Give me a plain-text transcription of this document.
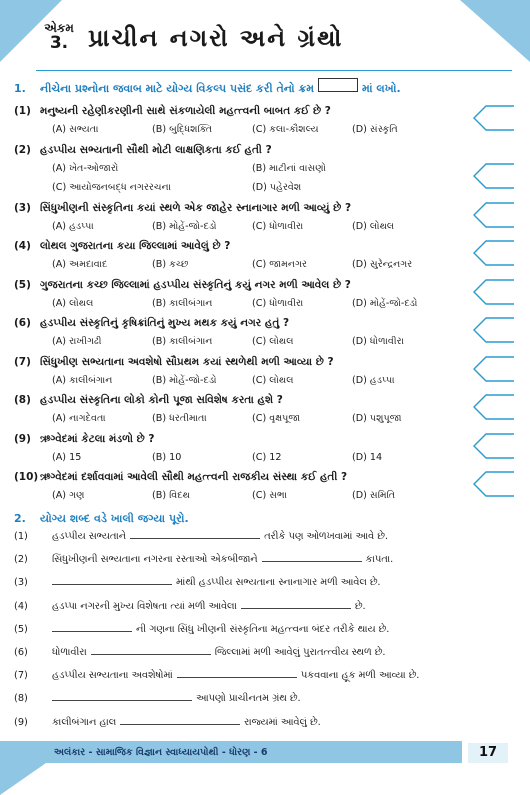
એકમ
3. પ્રાચીન નગરો અને ગ્રંથો
1.	નીચેના પ્રશ્નોના જવાબ માટે યોગ્ય વિકલ્પ પસંદ કરી તેનો ક્રમ	માં લખો.
(1) મનુષ્યની રહેણીકરણીની સાથે સંકળાયેલી મહત્ત્વની બાબત કઈ છે ?
(A) સભ્યતા	(B) બુદ્ધિશક્તિ	(C) કલા-કૌશલ્ય	(D) સંસ્કૃતિ
(2) હડપ્પીય સભ્યતાની સૌથી મોટી લાક્ષણિકતા કઈ હતી ?
(A) ખેત-ઓજારો	(B) માટીનાં વાસણો
(C) આયોજનબદ્ધ નગરરચના	(D) પહેરવેશ
(3) સિંધુખીણની સંસ્કૃતિના કયાં સ્થળે એક જાહેર સ્નાનાગાર મળી આવ્યું છે ?
(A) હડપ્પા	(B) મોહેં-જો-દડો	(C) ધોળાવીરા	(D) લોથલ
(4) લોથલ ગુજરાતના કયા જિલ્લામાં આવેલું છે ?
(A) અમદાવાદ	(B) કચ્છ	(C) જામનગર	(D) સુરેન્દ્રનગર
(5) ગુજરાતના કચ્છ જિલ્લામાં હડપ્પીય સંસ્કૃતિનું કયું નગર મળી આવેલ છે ?
(A) લોથલ	(B) કાલીબંગાન	(C) ધોળાવીરા	(D) મોહેં-જો-દડો
(6) હડપ્પીય સંસ્કૃતિનું કૃષિક્રાંતિનું મુખ્ય મથક કયું નગર હતું ?
(A) રાખીગઢી	(B) કાલીબંગાન	(C) લોથલ	(D) ધોળાવીરા
(7) સિંધુખીણ સભ્યતાના અવશેષો સૌપ્રથમ કયાં સ્થળેથી મળી આવ્યા છે ?
(A) કાલીબંગાન	(B) મોહેં-જો-દડો	(C) લોથલ	(D) હડપ્પા
(8) હડપ્પીય સંસ્કૃતિના લોકો કોની પૂજા સવિશેષ કરતા હશે ?
(A) નાગદેવતા	(B) ધરતીમાતા	(C) વૃક્ષપૂજા	(D) પશુપૂજા
(9) ઋગ્વેદમાં કેટલા મંડળો છે ?
(A) 15	(B) 10	(C) 12	(D) 14
(10) ઋગ્વેદમાં દર્શાવવામાં આવેલી સૌથી મહત્ત્વની રાજકીય સંસ્થા કઈ હતી ?
(A) ગણ	(B) વિદથ	(C) સભા	(D) સમિતિ
2.	યોગ્ય શબ્દ વડે ખાલી જગ્યા પૂરો.
(1)	હડપ્પીય સભ્યતાને	તરીકે પણ ઓળખવામાં આવે છે.
(2)	સિંધુખીણની સભ્યતાના નગરના રસ્તાઓ એકબીજાને	કાપતા.
(3)	માંથી હડપ્પીય સભ્યતાના સ્નાનાગાર મળી આવેલ છે.
(4)	હડપ્પા નગરની મુખ્ય વિશેષતા ત્યાં મળી આવેલા	છે.
(5)	ની ગણના સિંધુ ખીણની સંસ્કૃતિના મહત્ત્વના બંદર તરીકે થાય છે.
(6)	ધોળાવીરા	જિલ્લામાં મળી આવેલું પુરાતત્ત્વીય સ્થળ છે.
(7)	હડપ્પીય સભ્યતાના અવશેષોમાં	પકવવાના હૂક મળી આવ્યા છે.
(8)	આપણો પ્રાચીનતમ ગ્રંથ છે.
(9)	કાલીબંગાન હાલ	રાજ્યમાં આવેલું છે.
અલંકાર - સામાજિક વિજ્ઞાન સ્વાધ્યાયપોથી - ધોરણ - 6	17
